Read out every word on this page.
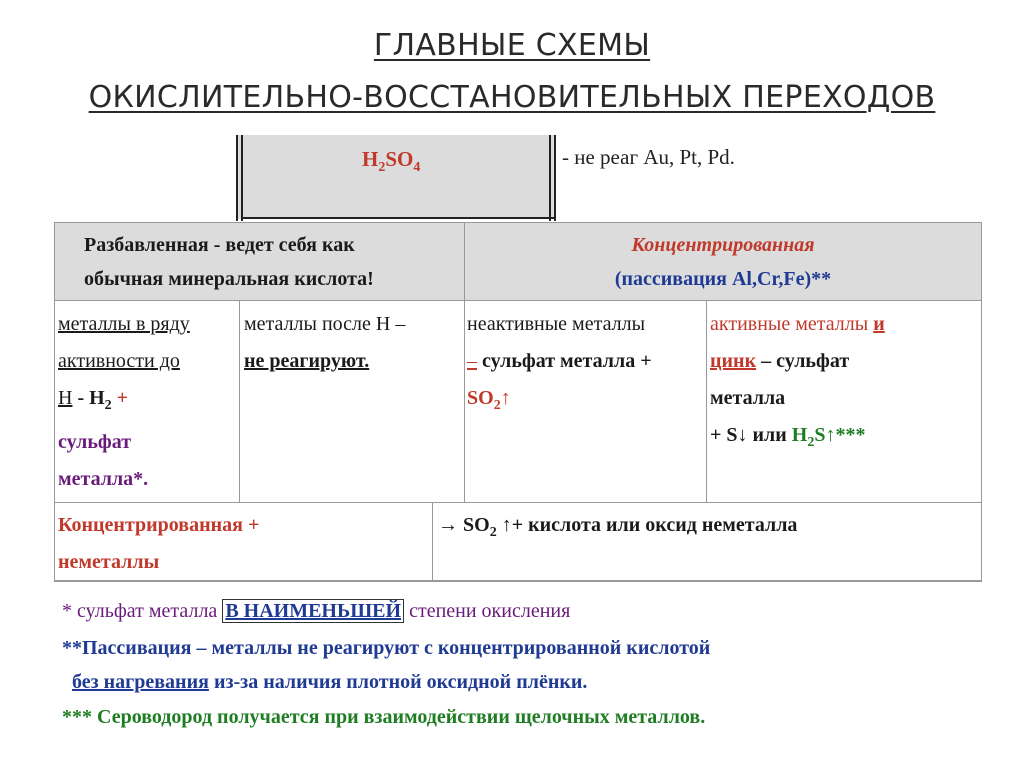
ГЛАВНЫЕ СХЕМЫ
ОКИСЛИТЕЛЬНО-ВОССТАНОВИТЕЛЬНЫХ ПЕРЕХОДОВ
$H_2SO_4$	- не реаг Au, Pt, Pd.
Разбавленная - ведет себя как
обычная минеральная кислота!
Концентрированная
(пассивация Al,Cr,Fe)**
металлы в ряду
активности до
Н - $Н_2$ +
сульфат
металла*.
металлы после Н –
не реагируют.
неактивные металлы
– сульфат металла +
$SO_2↑$
активные металлы и
цинк – сульфат
металла
+ S↓ или $H_2S↑***$
Концентрированная +
неметаллы
→ $SO_2$ ↑+ кислота или оксид неметалла
* сульфат металла В НАИМЕНЬШЕЙ степени окисления
**Пассивация – металлы не реагируют с концентрированной кислотой
без нагревания из-за наличия плотной оксидной плёнки.
*** Сероводород получается при взаимодействии щелочных металлов.
